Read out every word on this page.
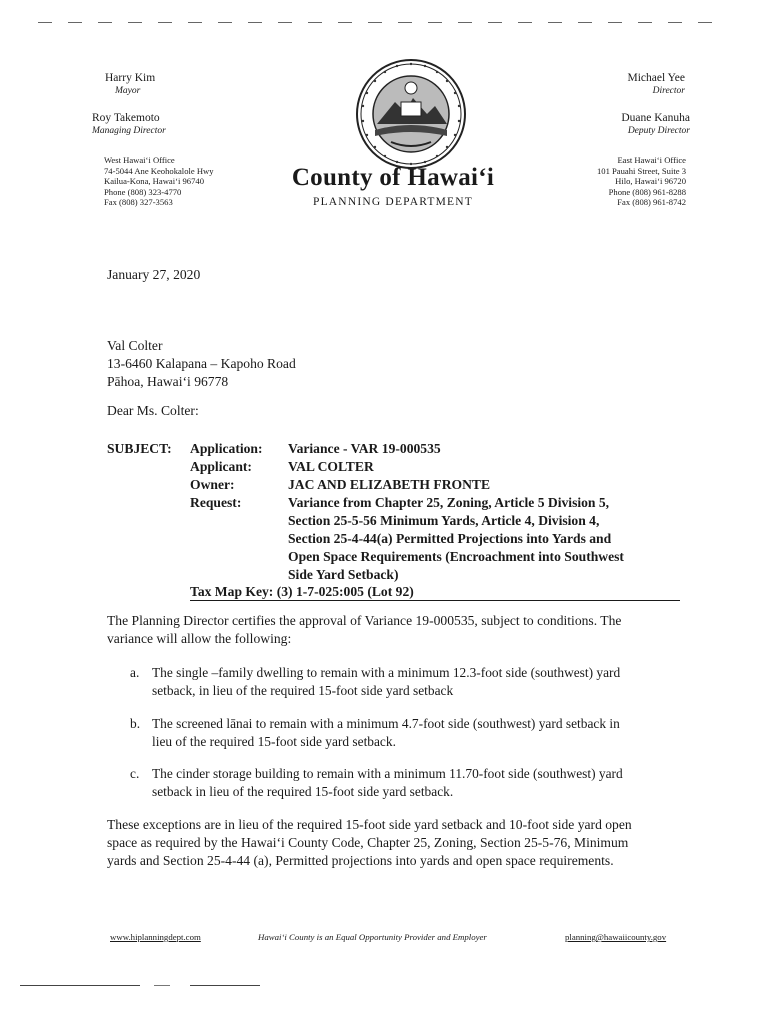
Harry Kim
Mayor
Roy Takemoto
Managing Director
West Hawai‘i Office
74-5044 Ane Keohokalole Hwy
Kailua-Kona, Hawai‘i 96740
Phone (808) 323-4770
Fax (808) 327-3563
County of Hawai‘i
PLANNING DEPARTMENT
Michael Yee
Director
Duane Kanuha
Deputy Director
East Hawai‘i Office
101 Pauahi Street, Suite 3
Hilo, Hawai‘i 96720
Phone (808) 961-8288
Fax (808) 961-8742
January 27, 2020
Val Colter
13-6460 Kalapana – Kapoho Road
Pāhoa, Hawai‘i 96778
Dear Ms. Colter:
SUBJECT: Application:
Applicant:
Owner:
Request:
Variance - VAR 19-000535
VAL COLTER
JAC AND ELIZABETH FRONTE
Variance from Chapter 25, Zoning, Article 5 Division 5,
Section 25-5-56 Minimum Yards, Article 4, Division 4,
Section 25-4-44(a) Permitted Projections into Yards and
Open Space Requirements (Encroachment into Southwest
Side Yard Setback)
Tax Map Key: (3) 1-7-025:005 (Lot 92)
The Planning Director certifies the approval of Variance 19-000535, subject to conditions. The
variance will allow the following:
a. The single –family dwelling to remain with a minimum 12.3-foot side (southwest) yard
setback, in lieu of the required 15-foot side yard setback
b. The screened lānai to remain with a minimum 4.7-foot side (southwest) yard setback in
lieu of the required 15-foot side yard setback.
c. The cinder storage building to remain with a minimum 11.70-foot side (southwest) yard
setback in lieu of the required 15-foot side yard setback.
These exceptions are in lieu of the required 15-foot side yard setback and 10-foot side yard open
space as required by the Hawai‘i County Code, Chapter 25, Zoning, Section 25-5-76, Minimum
yards and Section 25-4-44 (a), Permitted projections into yards and open space requirements.
www.hiplanningdept.com	Hawai‘i County is an Equal Opportunity Provider and Employer	planning@hawaiicounty.gov
